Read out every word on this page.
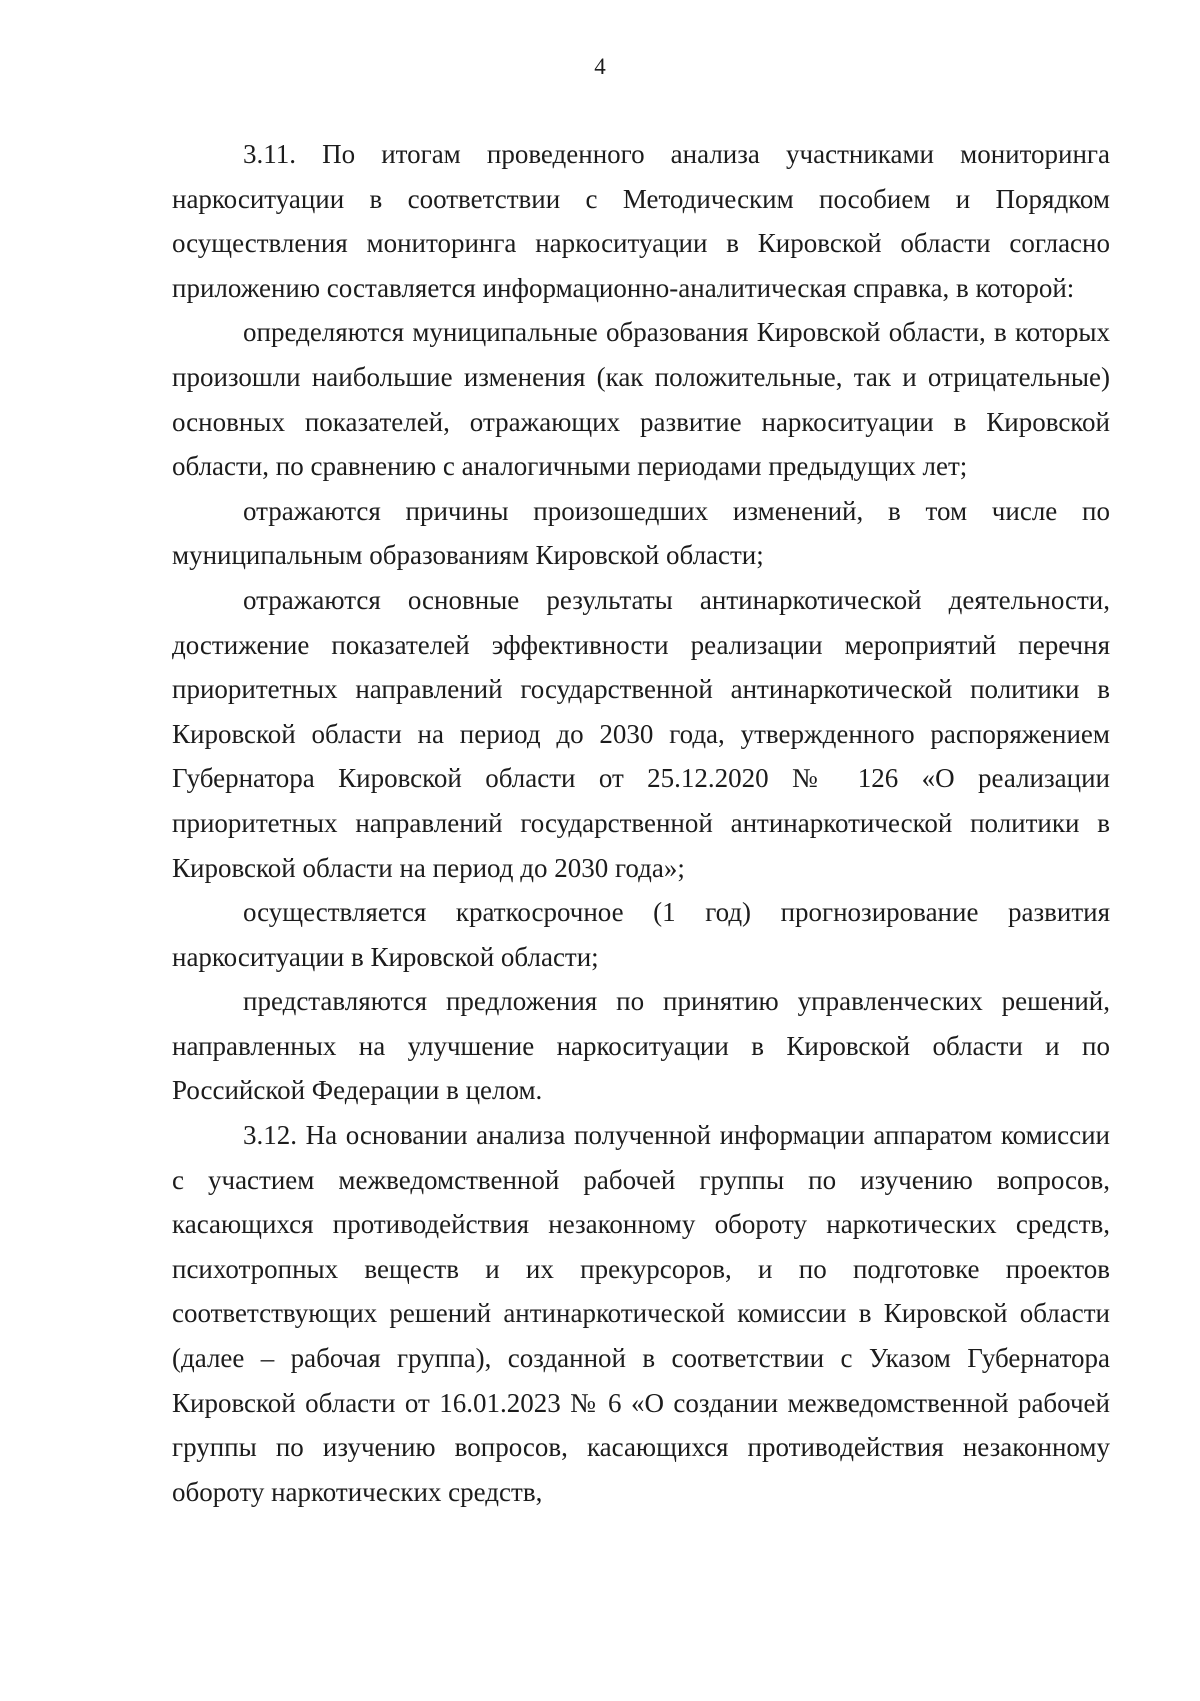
4

3.11. По итогам проведенного анализа участниками мониторинга наркоситуации в соответствии с Методическим пособием и Порядком осуществления мониторинга наркоситуации в Кировской области согласно приложению составляется информационно-аналитическая справка, в которой:

определяются муниципальные образования Кировской области, в которых произошли наибольшие изменения (как положительные, так и отрицательные) основных показателей, отражающих развитие наркоситуации в Кировской области, по сравнению с аналогичными периодами предыдущих лет;

отражаются причины произошедших изменений, в том числе по муниципальным образованиям Кировской области;

отражаются основные результаты антинаркотической деятельности, достижение показателей эффективности реализации мероприятий перечня приоритетных направлений государственной антинаркотической политики в Кировской области на период до 2030 года, утвержденного распоряжением Губернатора Кировской области от 25.12.2020 № 126 «О реализации приоритетных направлений государственной антинаркотической политики в Кировской области на период до 2030 года»;

осуществляется краткосрочное (1 год) прогнозирование развития наркоситуации в Кировской области;

представляются предложения по принятию управленческих решений, направленных на улучшение наркоситуации в Кировской области и по Российской Федерации в целом.

3.12. На основании анализа полученной информации аппаратом комиссии с участием межведомственной рабочей группы по изучению вопросов, касающихся противодействия незаконному обороту наркотических средств, психотропных веществ и их прекурсоров, и по подготовке проектов соответствующих решений антинаркотической комиссии в Кировской области (далее – рабочая группа), созданной в соответствии с Указом Губернатора Кировской области от 16.01.2023 № 6 «О создании межведомственной рабочей группы по изучению вопросов, касающихся противодействия незаконному обороту наркотических средств,
